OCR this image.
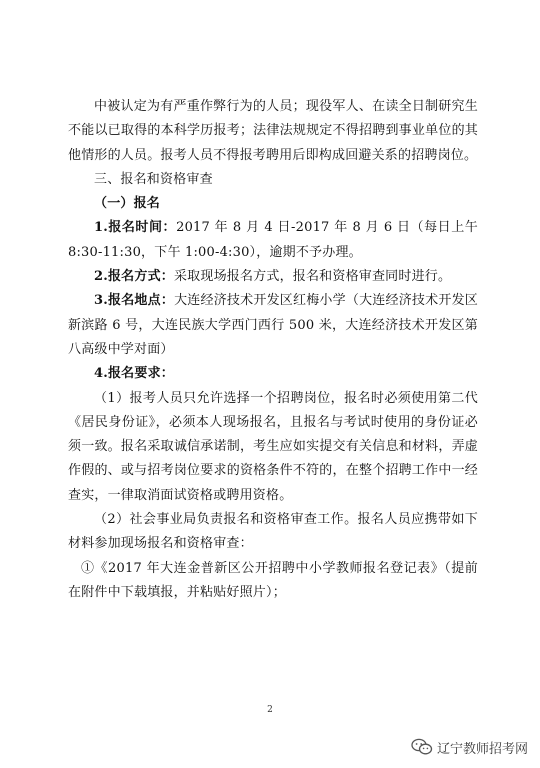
中被认定为有严重作弊行为的人员；现役军人、在读全日制研究生不能以已取得的本科学历报考；法律法规规定不得招聘到事业单位的其他情形的人员。报考人员不得报考聘用后即构成回避关系的招聘岗位。

三、报名和资格审查

（一）报名

1.报名时间：2017 年 8 月 4 日-2017 年 8 月 6 日（每日上午 8:30-11:30，下午 1:00-4:30），逾期不予办理。

2.报名方式：采取现场报名方式，报名和资格审查同时进行。

3.报名地点：大连经济技术开发区红梅小学（大连经济技术开发区新滨路 6 号，大连民族大学西门西行 500 米，大连经济技术开发区第八高级中学对面）

4.报名要求：

（1）报考人员只允许选择一个招聘岗位，报名时必须使用第二代《居民身份证》，必须本人现场报名，且报名与考试时使用的身份证必须一致。报名采取诚信承诺制，考生应如实提交有关信息和材料，弄虚作假的、或与招考岗位要求的资格条件不符的，在整个招聘工作中一经查实，一律取消面试资格或聘用资格。

（2）社会事业局负责报名和资格审查工作。报名人员应携带如下材料参加现场报名和资格审查：

①《2017 年大连金普新区公开招聘中小学教师报名登记表》（提前在附件中下载填报，并粘贴好照片）；

2
辽宁教师招考网
